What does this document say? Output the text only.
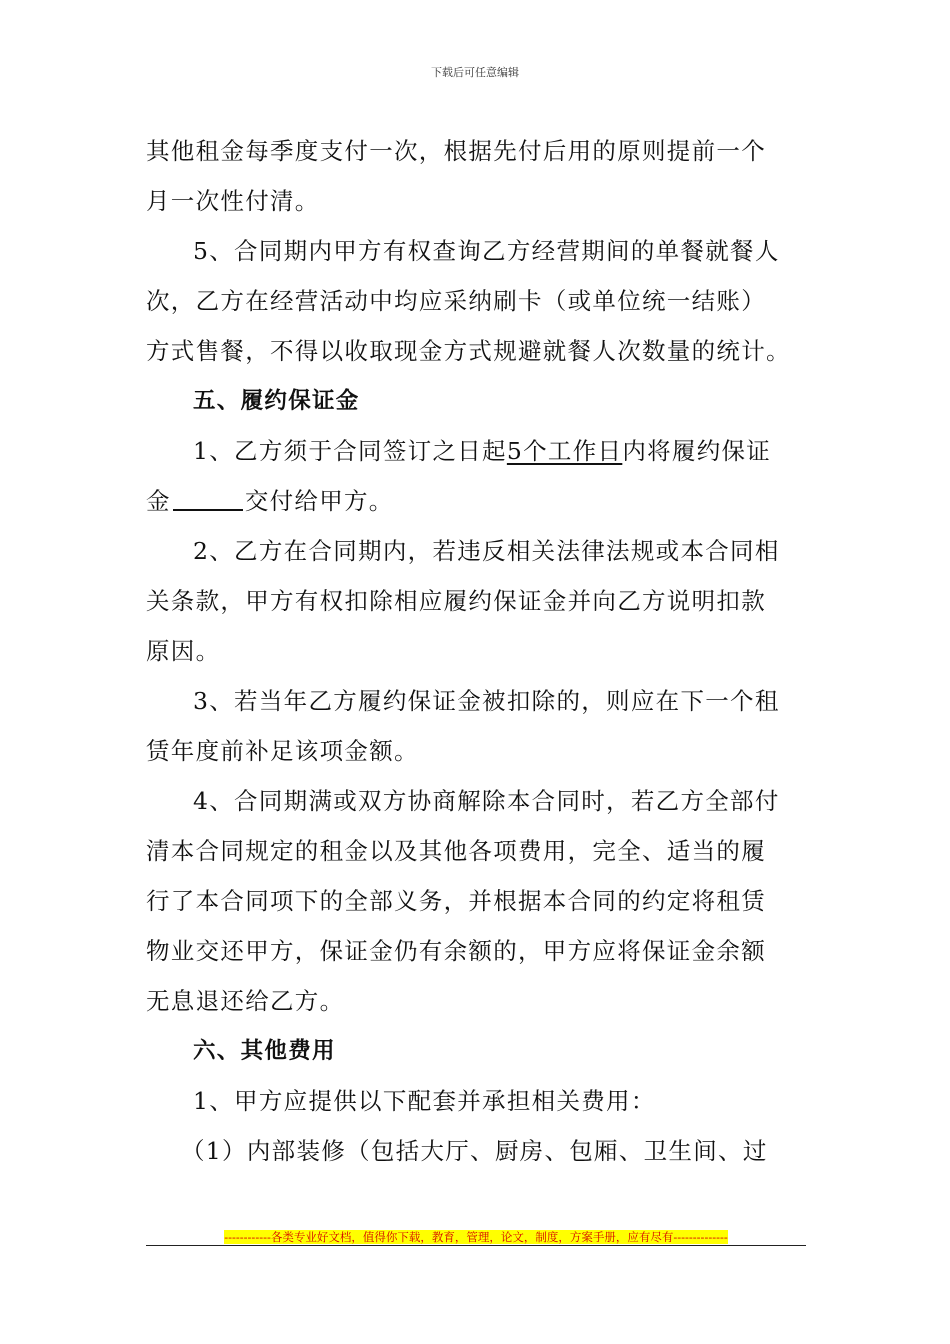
下载后可任意编辑
其他租金每季度支付一次，根据先付后用的原则提前一个
月一次性付清。
5、合同期内甲方有权查询乙方经营期间的单餐就餐人
次，乙方在经营活动中均应采纳刷卡（或单位统一结账）
方式售餐，不得以收取现金方式规避就餐人次数量的统计。
五、履约保证金
1、乙方须于合同签订之日起5个工作日内将履约保证
金	交付给甲方。
2、乙方在合同期内，若违反相关法律法规或本合同相
关条款，甲方有权扣除相应履约保证金并向乙方说明扣款
原因。
3、若当年乙方履约保证金被扣除的，则应在下一个租
赁年度前补足该项金额。
4、合同期满或双方协商解除本合同时，若乙方全部付
清本合同规定的租金以及其他各项费用，完全、适当的履
行了本合同项下的全部义务，并根据本合同的约定将租赁
物业交还甲方，保证金仍有余额的，甲方应将保证金余额
无息退还给乙方。
六、其他费用
1、甲方应提供以下配套并承担相关费用：
（1）内部装修（包括大厅、厨房、包厢、卫生间、过
------------各类专业好文档，值得你下载，教育，管理，论文，制度，方案手册，应有尽有--------------
